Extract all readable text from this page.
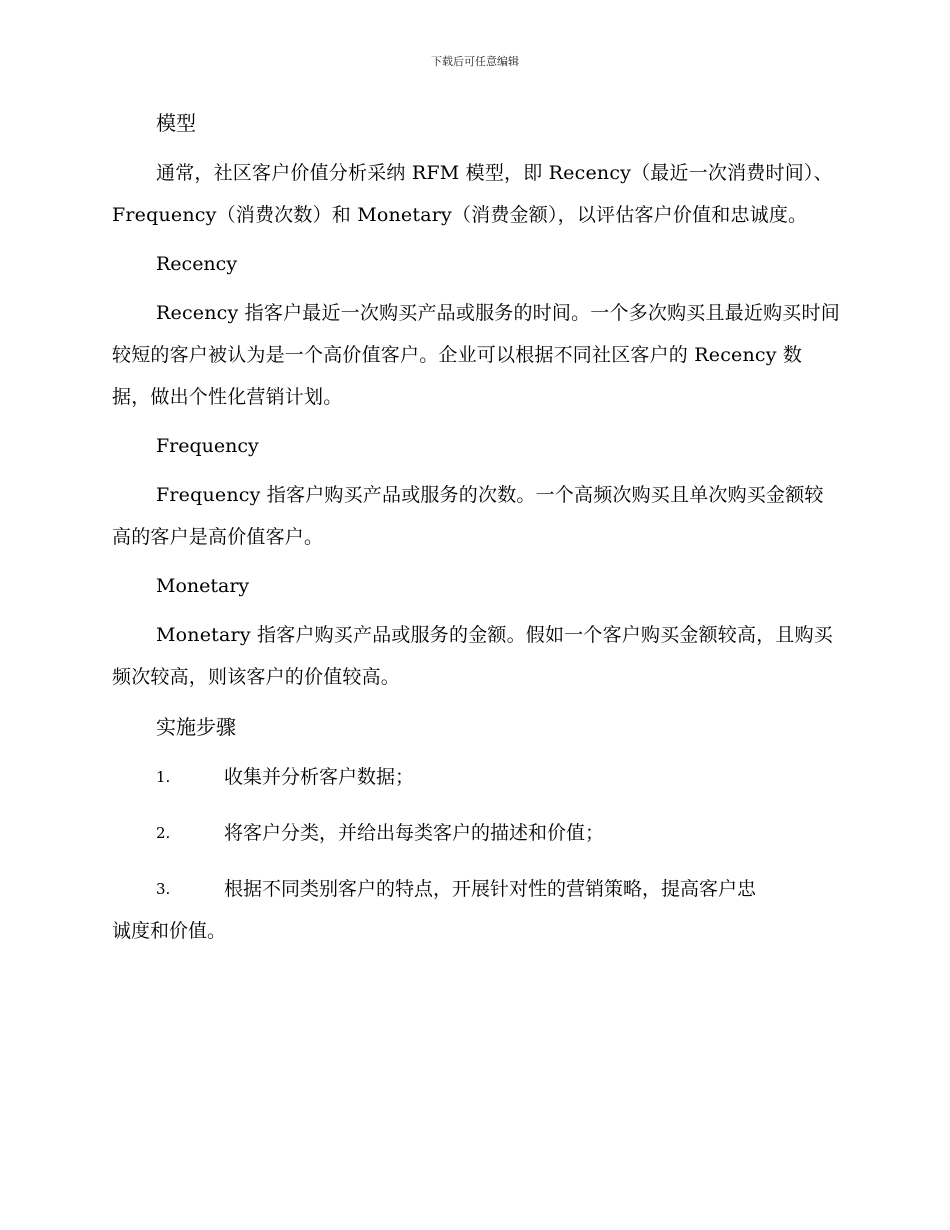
下载后可任意编辑

模型

通常，社区客户价值分析采纳 RFM 模型，即 Recency（最近一次消费时间）、Frequency（消费次数）和 Monetary（消费金额），以评估客户价值和忠诚度。

Recency

Recency 指客户最近一次购买产品或服务的时间。一个多次购买且最近购买时间较短的客户被认为是一个高价值客户。企业可以根据不同社区客户的 Recency 数据，做出个性化营销计划。

Frequency

Frequency 指客户购买产品或服务的次数。一个高频次购买且单次购买金额较高的客户是高价值客户。

Monetary

Monetary 指客户购买产品或服务的金额。假如一个客户购买金额较高，且购买频次较高，则该客户的价值较高。

实施步骤

1.	收集并分析客户数据；

2.	将客户分类，并给出每类客户的描述和价值；

3.	根据不同类别客户的特点，开展针对性的营销策略，提高客户忠
诚度和价值。
